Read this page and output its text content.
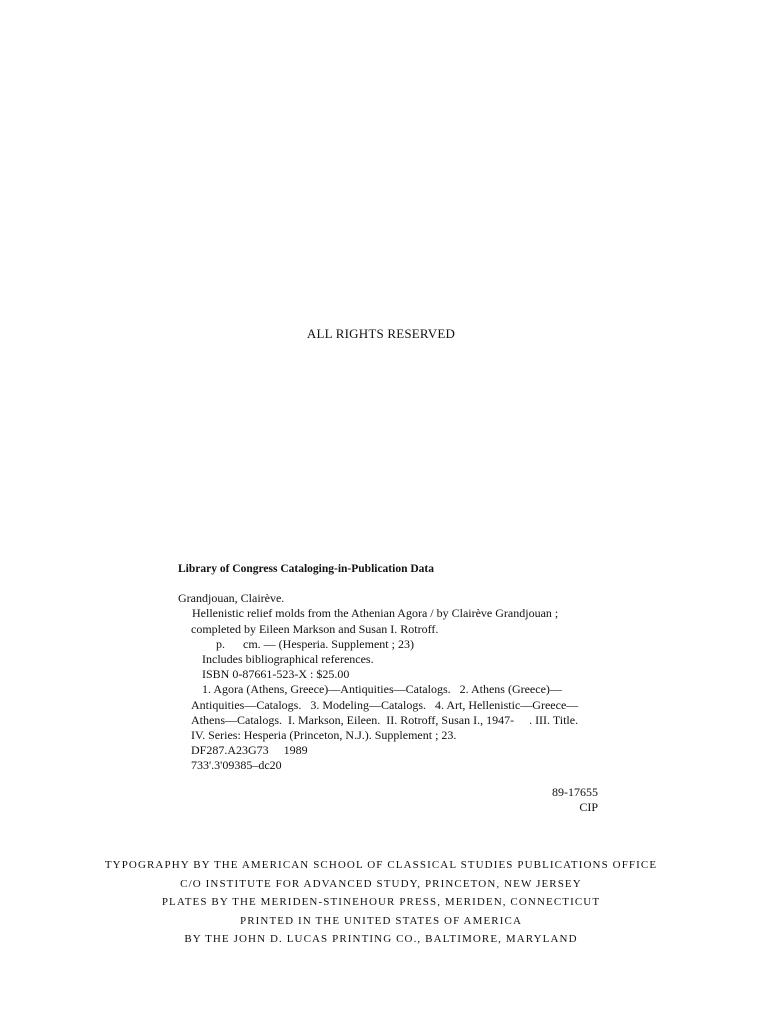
ALL RIGHTS RESERVED
Library of Congress Cataloging-in-Publication Data
Grandjouan, Clairève.
Hellenistic relief molds from the Athenian Agora / by Clairève Grandjouan ;
completed by Eileen Markson and Susan I. Rotroff.
p.      cm. — (Hesperia. Supplement ; 23)
Includes bibliographical references.
ISBN 0-87661-523-X : $25.00
1. Agora (Athens, Greece)—Antiquities—Catalogs.   2. Athens (Greece)—
Antiquities—Catalogs.   3. Modeling—Catalogs.   4. Art, Hellenistic—Greece—
Athens—Catalogs.  I. Markson, Eileen.  II. Rotroff, Susan I., 1947-     . III. Title.
IV. Series: Hesperia (Princeton, N.J.). Supplement ; 23.
DF287.A23G73     1989
733'.3'09385–dc20
89-17655
CIP
TYPOGRAPHY BY THE AMERICAN SCHOOL OF CLASSICAL STUDIES PUBLICATIONS OFFICE
C/O INSTITUTE FOR ADVANCED STUDY, PRINCETON, NEW JERSEY
PLATES BY THE MERIDEN-STINEHOUR PRESS, MERIDEN, CONNECTICUT
PRINTED IN THE UNITED STATES OF AMERICA
BY THE JOHN D. LUCAS PRINTING CO., BALTIMORE, MARYLAND
